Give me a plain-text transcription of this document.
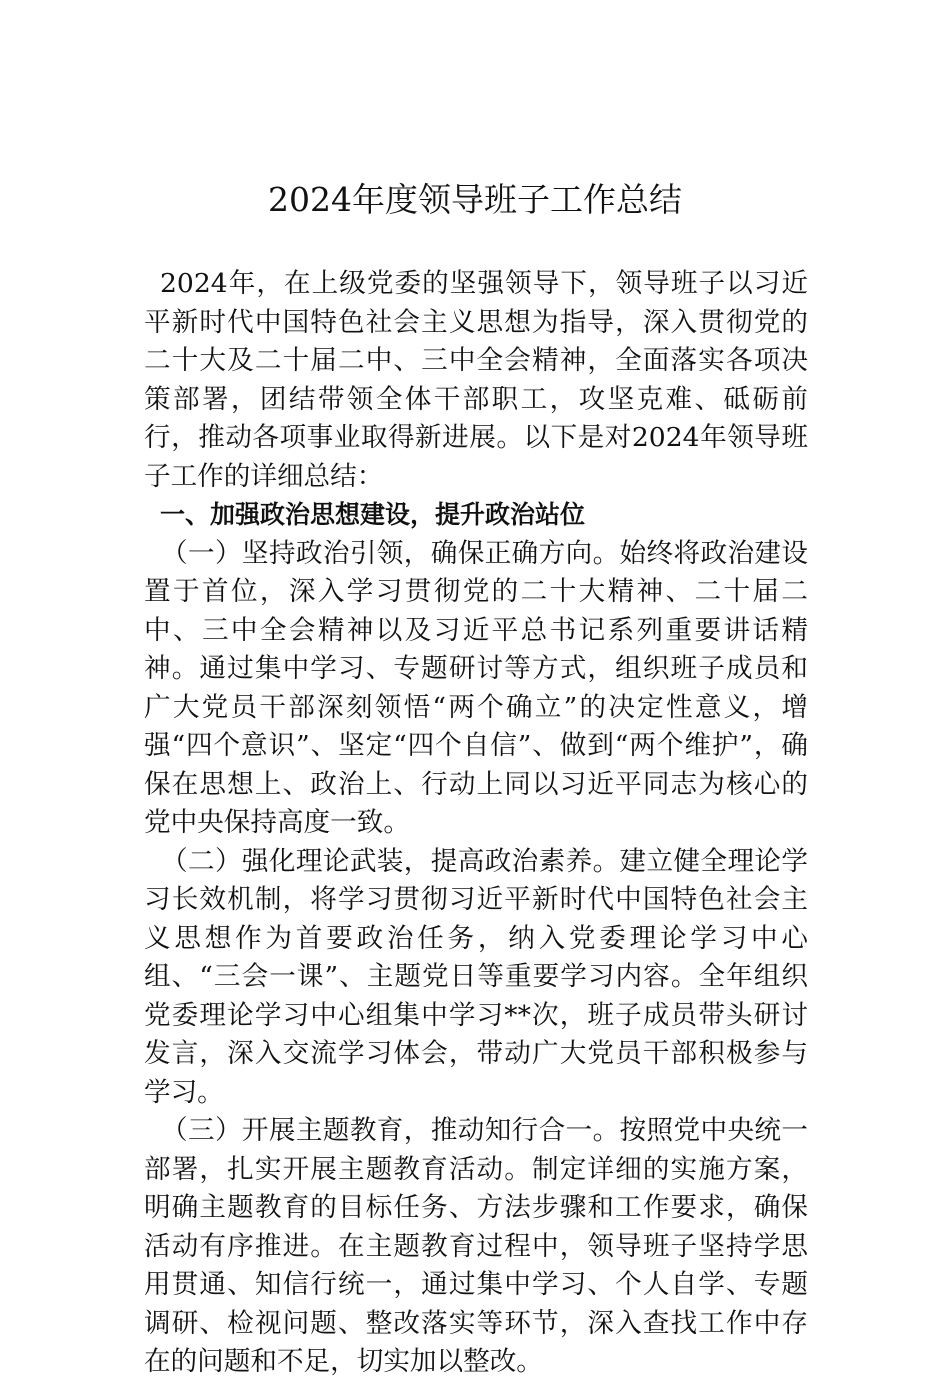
2024年度领导班子工作总结

2024年，在上级党委的坚强领导下，领导班子以习近平新时代中国特色社会主义思想为指导，深入贯彻党的二十大及二十届二中、三中全会精神，全面落实各项决策部署，团结带领全体干部职工，攻坚克难、砥砺前行，推动各项事业取得新进展。以下是对2024年领导班子工作的详细总结：

一、加强政治思想建设，提升政治站位

（一）坚持政治引领，确保正确方向。始终将政治建设置于首位，深入学习贯彻党的二十大精神、二十届二中、三中全会精神以及习近平总书记系列重要讲话精神。通过集中学习、专题研讨等方式，组织班子成员和广大党员干部深刻领悟“两个确立”的决定性意义，增强“四个意识”、坚定“四个自信”、做到“两个维护”，确保在思想上、政治上、行动上同以习近平同志为核心的党中央保持高度一致。

（二）强化理论武装，提高政治素养。建立健全理论学习长效机制，将学习贯彻习近平新时代中国特色社会主义思想作为首要政治任务，纳入党委理论学习中心组、“三会一课”、主题党日等重要学习内容。全年组织党委理论学习中心组集中学习**次，班子成员带头研讨发言，深入交流学习体会，带动广大党员干部积极参与学习。

（三）开展主题教育，推动知行合一。按照党中央统一部署，扎实开展主题教育活动。制定详细的实施方案，明确主题教育的目标任务、方法步骤和工作要求，确保活动有序推进。在主题教育过程中，领导班子坚持学思用贯通、知信行统一，通过集中学习、个人自学、专题调研、检视问题、整改落实等环节，深入查找工作中存在的问题和不足，切实加以整改。
